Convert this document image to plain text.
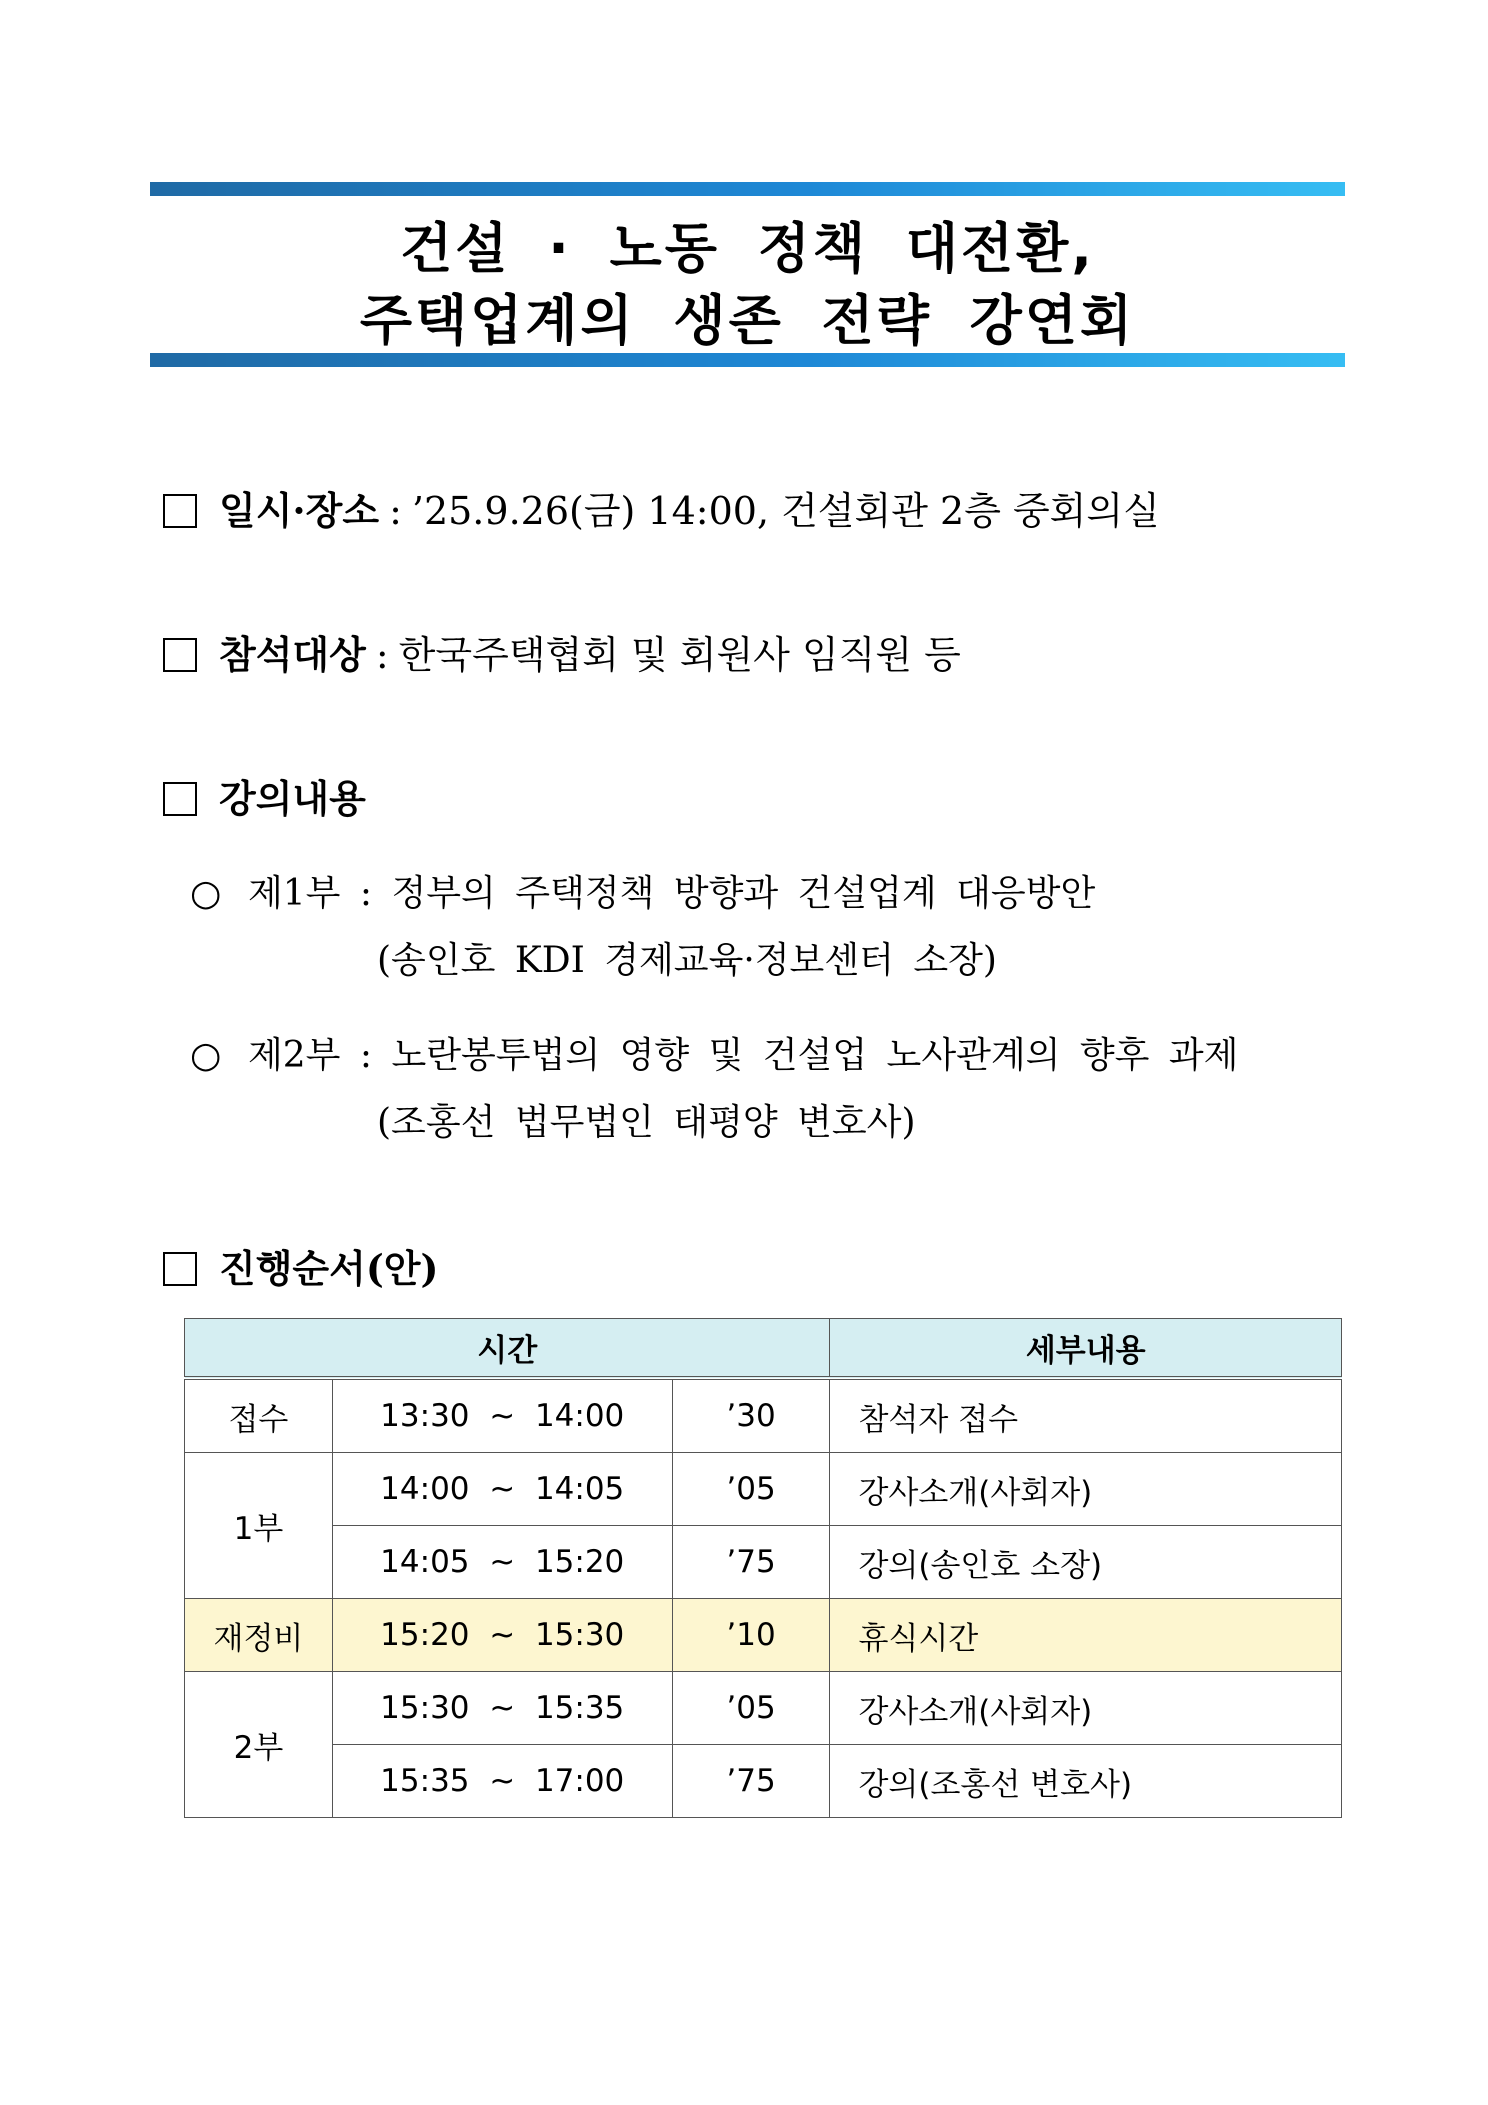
건설 · 노동 정책 대전환,
주택업계의 생존 전략 강연회
일시·장소 : ’25.9.26(금) 14:00, 건설회관 2층 중회의실
참석대상 : 한국주택협회 및 회원사 임직원 등
강의내용
○ 제1부 : 정부의 주택정책 방향과 건설업계 대응방안
(송인호 KDI 경제교육·정보센터 소장)
○ 제2부 : 노란봉투법의 영향 및 건설업 노사관계의 향후 과제
(조홍선 법무법인 태평양 변호사)
진행순서(안)
시간			세부내용
접수	13:30 ~ 14:00	’30	참석자 접수
1부	14:00 ~ 14:05	’05	강사소개(사회자)
	14:05 ~ 15:20	’75	강의(송인호 소장)
재정비	15:20 ~ 15:30	’10	휴식시간
2부	15:30 ~ 15:35	’05	강사소개(사회자)
	15:35 ~ 17:00	’75	강의(조홍선 변호사)
